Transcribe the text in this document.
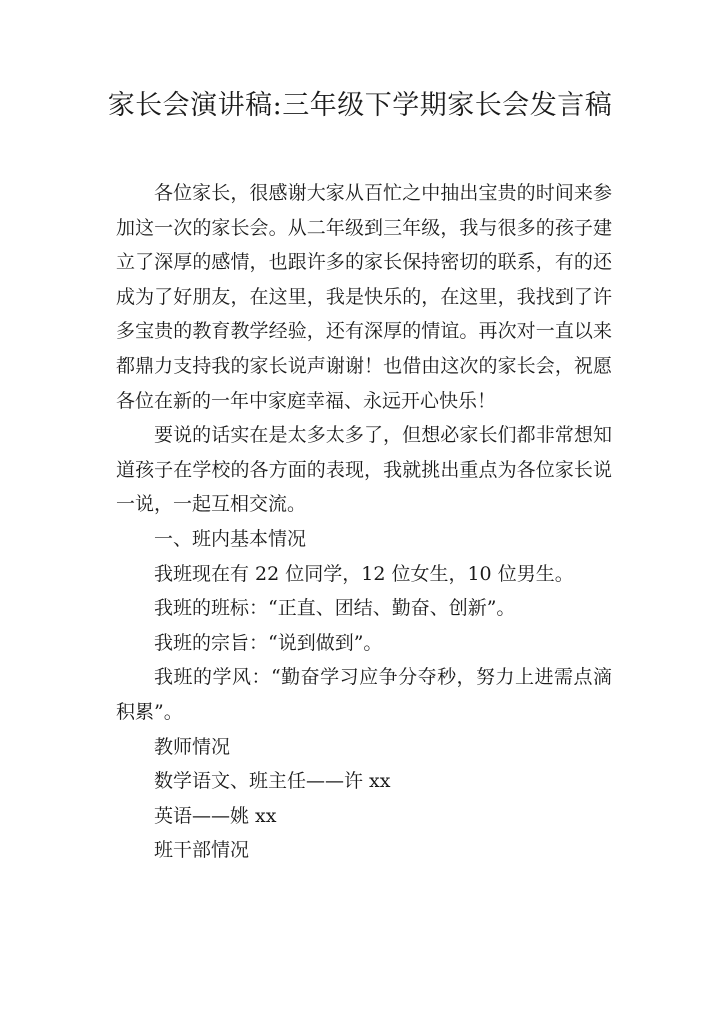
家长会演讲稿:三年级下学期家长会发言稿

各位家长，很感谢大家从百忙之中抽出宝贵的时间来参加这一次的家长会。从二年级到三年级，我与很多的孩子建立了深厚的感情，也跟许多的家长保持密切的联系，有的还成为了好朋友，在这里，我是快乐的，在这里，我找到了许多宝贵的教育教学经验，还有深厚的情谊。再次对一直以来都鼎力支持我的家长说声谢谢！也借由这次的家长会，祝愿各位在新的一年中家庭幸福、永远开心快乐！

要说的话实在是太多太多了，但想必家长们都非常想知道孩子在学校的各方面的表现，我就挑出重点为各位家长说一说，一起互相交流。

一、班内基本情况

我班现在有 22 位同学，12 位女生，10 位男生。

我班的班标：“正直、团结、勤奋、创新”。

我班的宗旨：“说到做到”。

我班的学风：“勤奋学习应争分夺秒，努力上进需点滴积累”。

教师情况

数学语文、班主任——许 xx

英语——姚 xx

班干部情况
